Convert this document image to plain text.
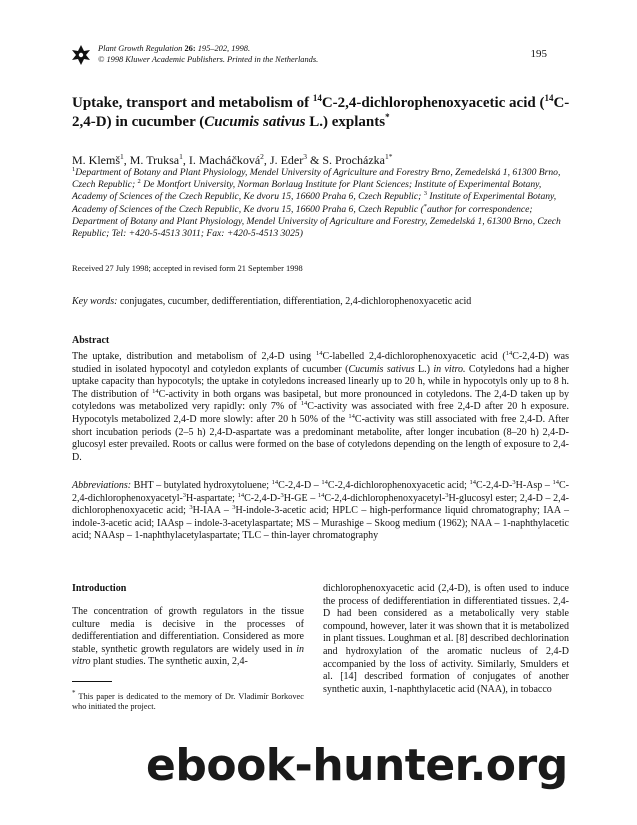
Plant Growth Regulation 26: 195–202, 1998.
© 1998 Kluwer Academic Publishers. Printed in the Netherlands.	195
Uptake, transport and metabolism of $^{14}$C-2,4-dichlorophenoxyacetic acid ($^{14}$C-2,4-D) in cucumber (Cucumis sativus L.) explants*
M. Klemš$^1$, M. Truksa$^1$, I. Macháčková$^2$, J. Eder$^3$ & S. Procházka$^{1*}$
$^1$Department of Botany and Plant Physiology, Mendel University of Agriculture and Forestry Brno, Zemedelská 1, 61300 Brno, Czech Republic; $^2$ De Montfort University, Norman Borlaug Institute for Plant Sciences; Institute of Experimental Botany, Academy of Sciences of the Czech Republic, Ke dvoru 15, 16600 Praha 6, Czech Republic; $^3$ Institute of Experimental Botany, Academy of Sciences of the Czech Republic, Ke dvoru 15, 16600 Praha 6, Czech Republic (*author for correspondence; Department of Botany and Plant Physiology, Mendel University of Agriculture and Forestry, Zemedelská 1, 61300 Brno, Czech Republic; Tel: +420-5-4513 3011; Fax: +420-5-4513 3025)
Received 27 July 1998; accepted in revised form 21 September 1998
Key words: conjugates, cucumber, dedifferentiation, differentiation, 2,4-dichlorophenoxyacetic acid
Abstract
The uptake, distribution and metabolism of 2,4-D using $^{14}$C-labelled 2,4-dichlorophenoxyacetic acid ($^{14}$C-2,4-D) was studied in isolated hypocotyl and cotyledon explants of cucumber (Cucumis sativus L.) in vitro. Cotyledons had a higher uptake capacity than hypocotyls; the uptake in cotyledons increased linearly up to 20 h, while in hypocotyls only up to 8 h. The distribution of $^{14}$C-activity in both organs was basipetal, but more pronounced in cotyledons. The 2,4-D taken up by cotyledons was metabolized very rapidly: only 7% of $^{14}$C-activity was associated with free 2,4-D after 20 h exposure. Hypocotyls metabolized 2,4-D more slowly: after 20 h 50% of the $^{14}$C-activity was still associated with free 2,4-D. After short incubation periods (2–5 h) 2,4-D-aspartate was a predominant metabolite, after longer incubation (8–20 h) 2,4-D-glucosyl ester prevailed. Roots or callus were formed on the base of cotyledons depending on the length of exposure to 2,4-D.
Abbreviations: BHT – butylated hydroxytoluene; $^{14}$C-2,4-D – $^{14}$C-2,4-dichlorophenoxyacetic acid; $^{14}$C-2,4-D-$^3$H-Asp – $^{14}$C-2,4-dichlorophenoxyacetyl-$^3$H-aspartate; $^{14}$C-2,4-D-$^3$H-GE – $^{14}$C-2,4-dichlorophenoxyacetyl-$^3$H-glucosyl ester; 2,4-D – 2,4-dichlorophenoxyacetic acid; $^3$H-IAA – $^3$H-indole-3-acetic acid; HPLC – high-performance liquid chromatography; IAA – indole-3-acetic acid; IAAsp – indole-3-acetylaspartate; MS – Murashige – Skoog medium (1962); NAA – 1-naphthylacetic acid; NAAsp – 1-naphthylacetylaspartate; TLC – thin-layer chromatography
Introduction
The concentration of growth regulators in the tissue culture media is decisive in the processes of dedifferentiation and differentiation. Considered as more stable, synthetic growth regulators are widely used in in vitro plant studies. The synthetic auxin, 2,4-
dichlorophenoxyacetic acid (2,4-D), is often used to induce the process of dedifferentiation in differentiated tissues. 2,4-D had been considered as a metabolically very stable compound, however, later it was shown that it is metabolized in plant tissues. Loughman et al. [8] described dechlorination and hydroxylation of the aromatic nucleus of 2,4-D accompanied by the loss of activity. Similarly, Smulders et al. [14] described formation of conjugates of another synthetic auxin, 1-naphthylacetic acid (NAA), in tobacco
* This paper is dedicated to the memory of Dr. Vladimír Borkovec who initiated the project.
ebook-hunter.org
